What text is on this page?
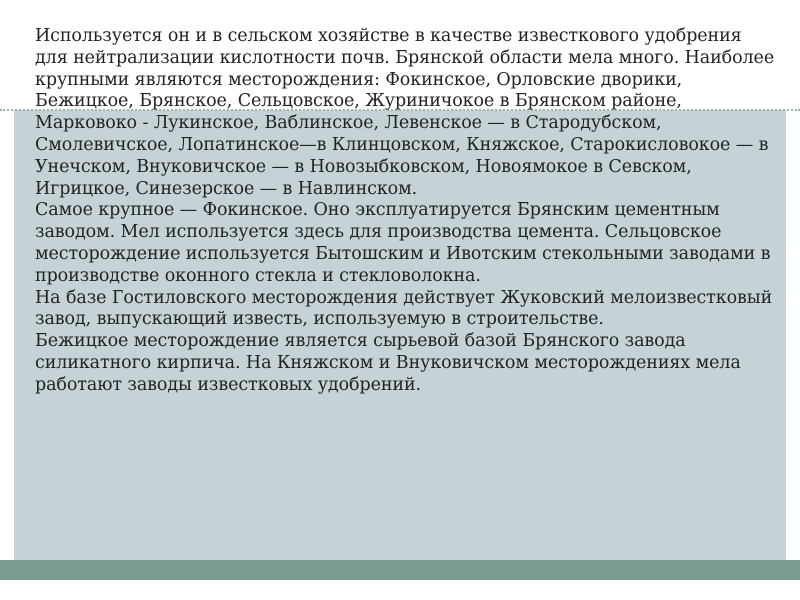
Используется он и в сельском хозяйстве в качестве известкового удобрения для нейтрализации кислотности почв. Брянской области мела много. Наиболее крупными являются месторождения: Фокинское, Орловские дворики, Бежицкое, Брянское, Сельцовское, Журиничокое в Брянском районе, Марковоко - Лукинское, Ваблинское, Левенское — в Стародубском, Смолевичское, Лопатинское—в Клинцовском, Княжское, Старокисловокое — в Унечском, Внуковичское — в Новозыбковском, Новоямокое в Севском, Игрицкое, Синезерское — в Навлинском.

Самое крупное — Фокинское. Оно эксплуатируется Брянским цементным заводом. Мел используется здесь для производства цемента. Сельцовское месторождение используется Бытошским и Ивотским стекольными заводами в производстве оконного стекла и стекловолокна.

На базе Гостиловского месторождения действует Жуковский мелоизвестковый завод, выпускающий известь, используемую в строительстве.

Бежицкое месторождение является сырьевой базой Брянского завода силикатного кирпича. На Княжском и Внуковичском месторождениях мела работают заводы известковых удобрений.
